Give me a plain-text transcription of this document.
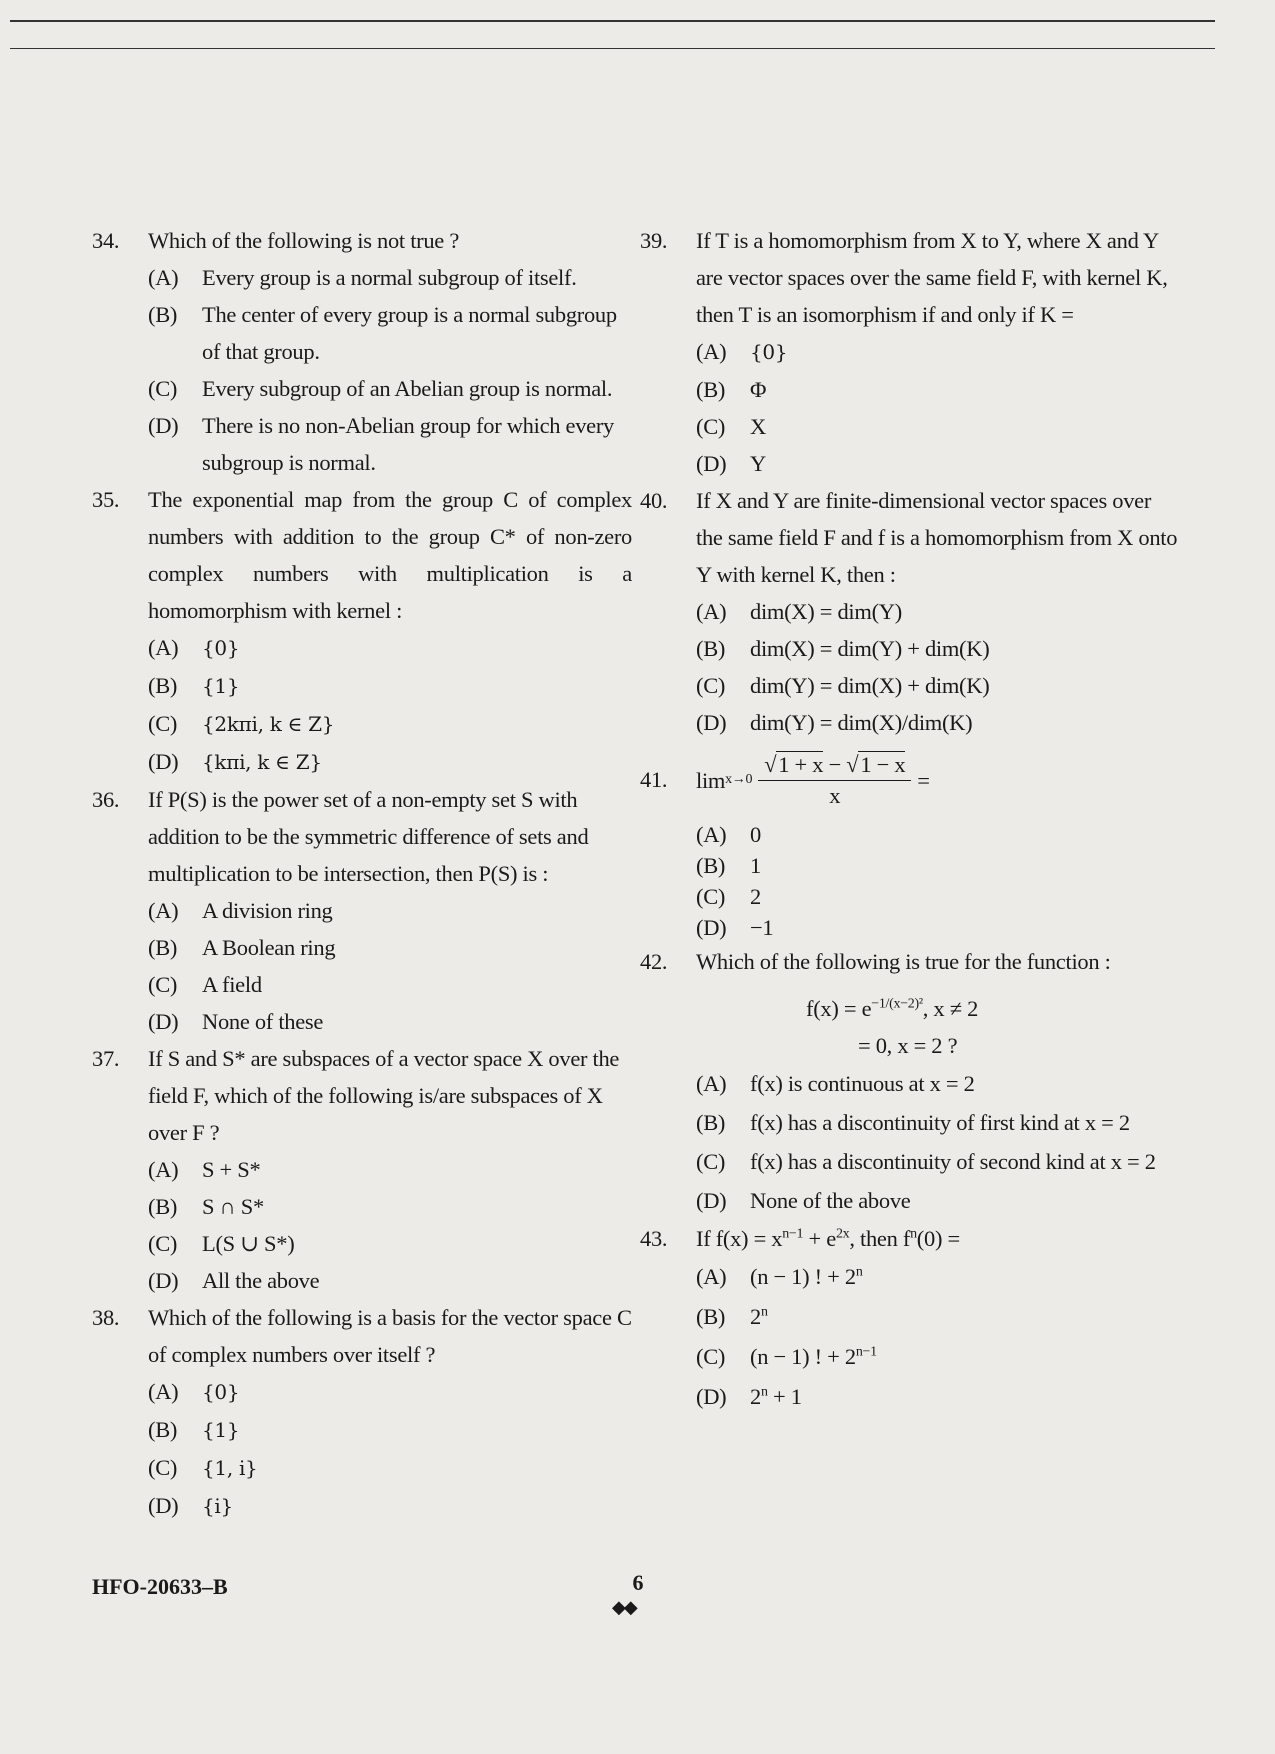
34. Which of the following is not true ?
(A) Every group is a normal subgroup of itself.
(B) The center of every group is a normal subgroup of that group.
(C) Every subgroup of an Abelian group is normal.
(D) There is no non-Abelian group for which every subgroup is normal.
35. The exponential map from the group C of complex numbers with addition to the group C* of non-zero complex numbers with multiplication is a homomorphism with kernel :
(A) {0}
(B) {1}
(C) {2kπi, k ∈ Z}
(D) {kπi, k ∈ Z}
36. If P(S) is the power set of a non-empty set S with addition to be the symmetric difference of sets and multiplication to be intersection, then P(S) is :
(A) A division ring
(B) A Boolean ring
(C) A field
(D) None of these
37. If S and S* are subspaces of a vector space X over the field F, which of the following is/are subspaces of X over F ?
(A) S + S*
(B) S ∩ S*
(C) L(S ∪ S*)
(D) All the above
38. Which of the following is a basis for the vector space C of complex numbers over itself ?
(A) {0}
(B) {1}
(C) {1, i}
(D) {i}
39. If T is a homomorphism from X to Y, where X and Y are vector spaces over the same field F, with kernel K, then T is an isomorphism if and only if K =
(A) {0}
(B) Φ
(C) X
(D) Y
40. If X and Y are finite-dimensional vector spaces over the same field F and f is a homomorphism from X onto Y with kernel K, then :
(A) dim(X) = dim(Y)
(B) dim(X) = dim(Y) + dim(K)
(C) dim(Y) = dim(X) + dim(K)
(D) dim(Y) = dim(X)/dim(K)
41. $\lim x\to 0 \frac{√1 + x - √1 - x}{x}$ =
(A) 0
(B) 1
(C) 2
(D) −1
42. Which of the following is true for the function :
$f(x) = e^{-1/(x-2)^2}$, x ≠ 2
= 0, x = 2 ?
(A) f(x) is continuous at x = 2
(B) f(x) has a discontinuity of first kind at x = 2
(C) f(x) has a discontinuity of second kind at x = 2
(D) None of the above
43. If $f(x) = x^{n-1} + e^{2x}$, then $f^n(0)$ =
(A) (n − 1) ! + $2^n$
(B) 2$^n$
(C) (n − 1) ! + $2^{n-1}$
(D) $2^n + 1$
HFO-20633–B	6
◆◆
